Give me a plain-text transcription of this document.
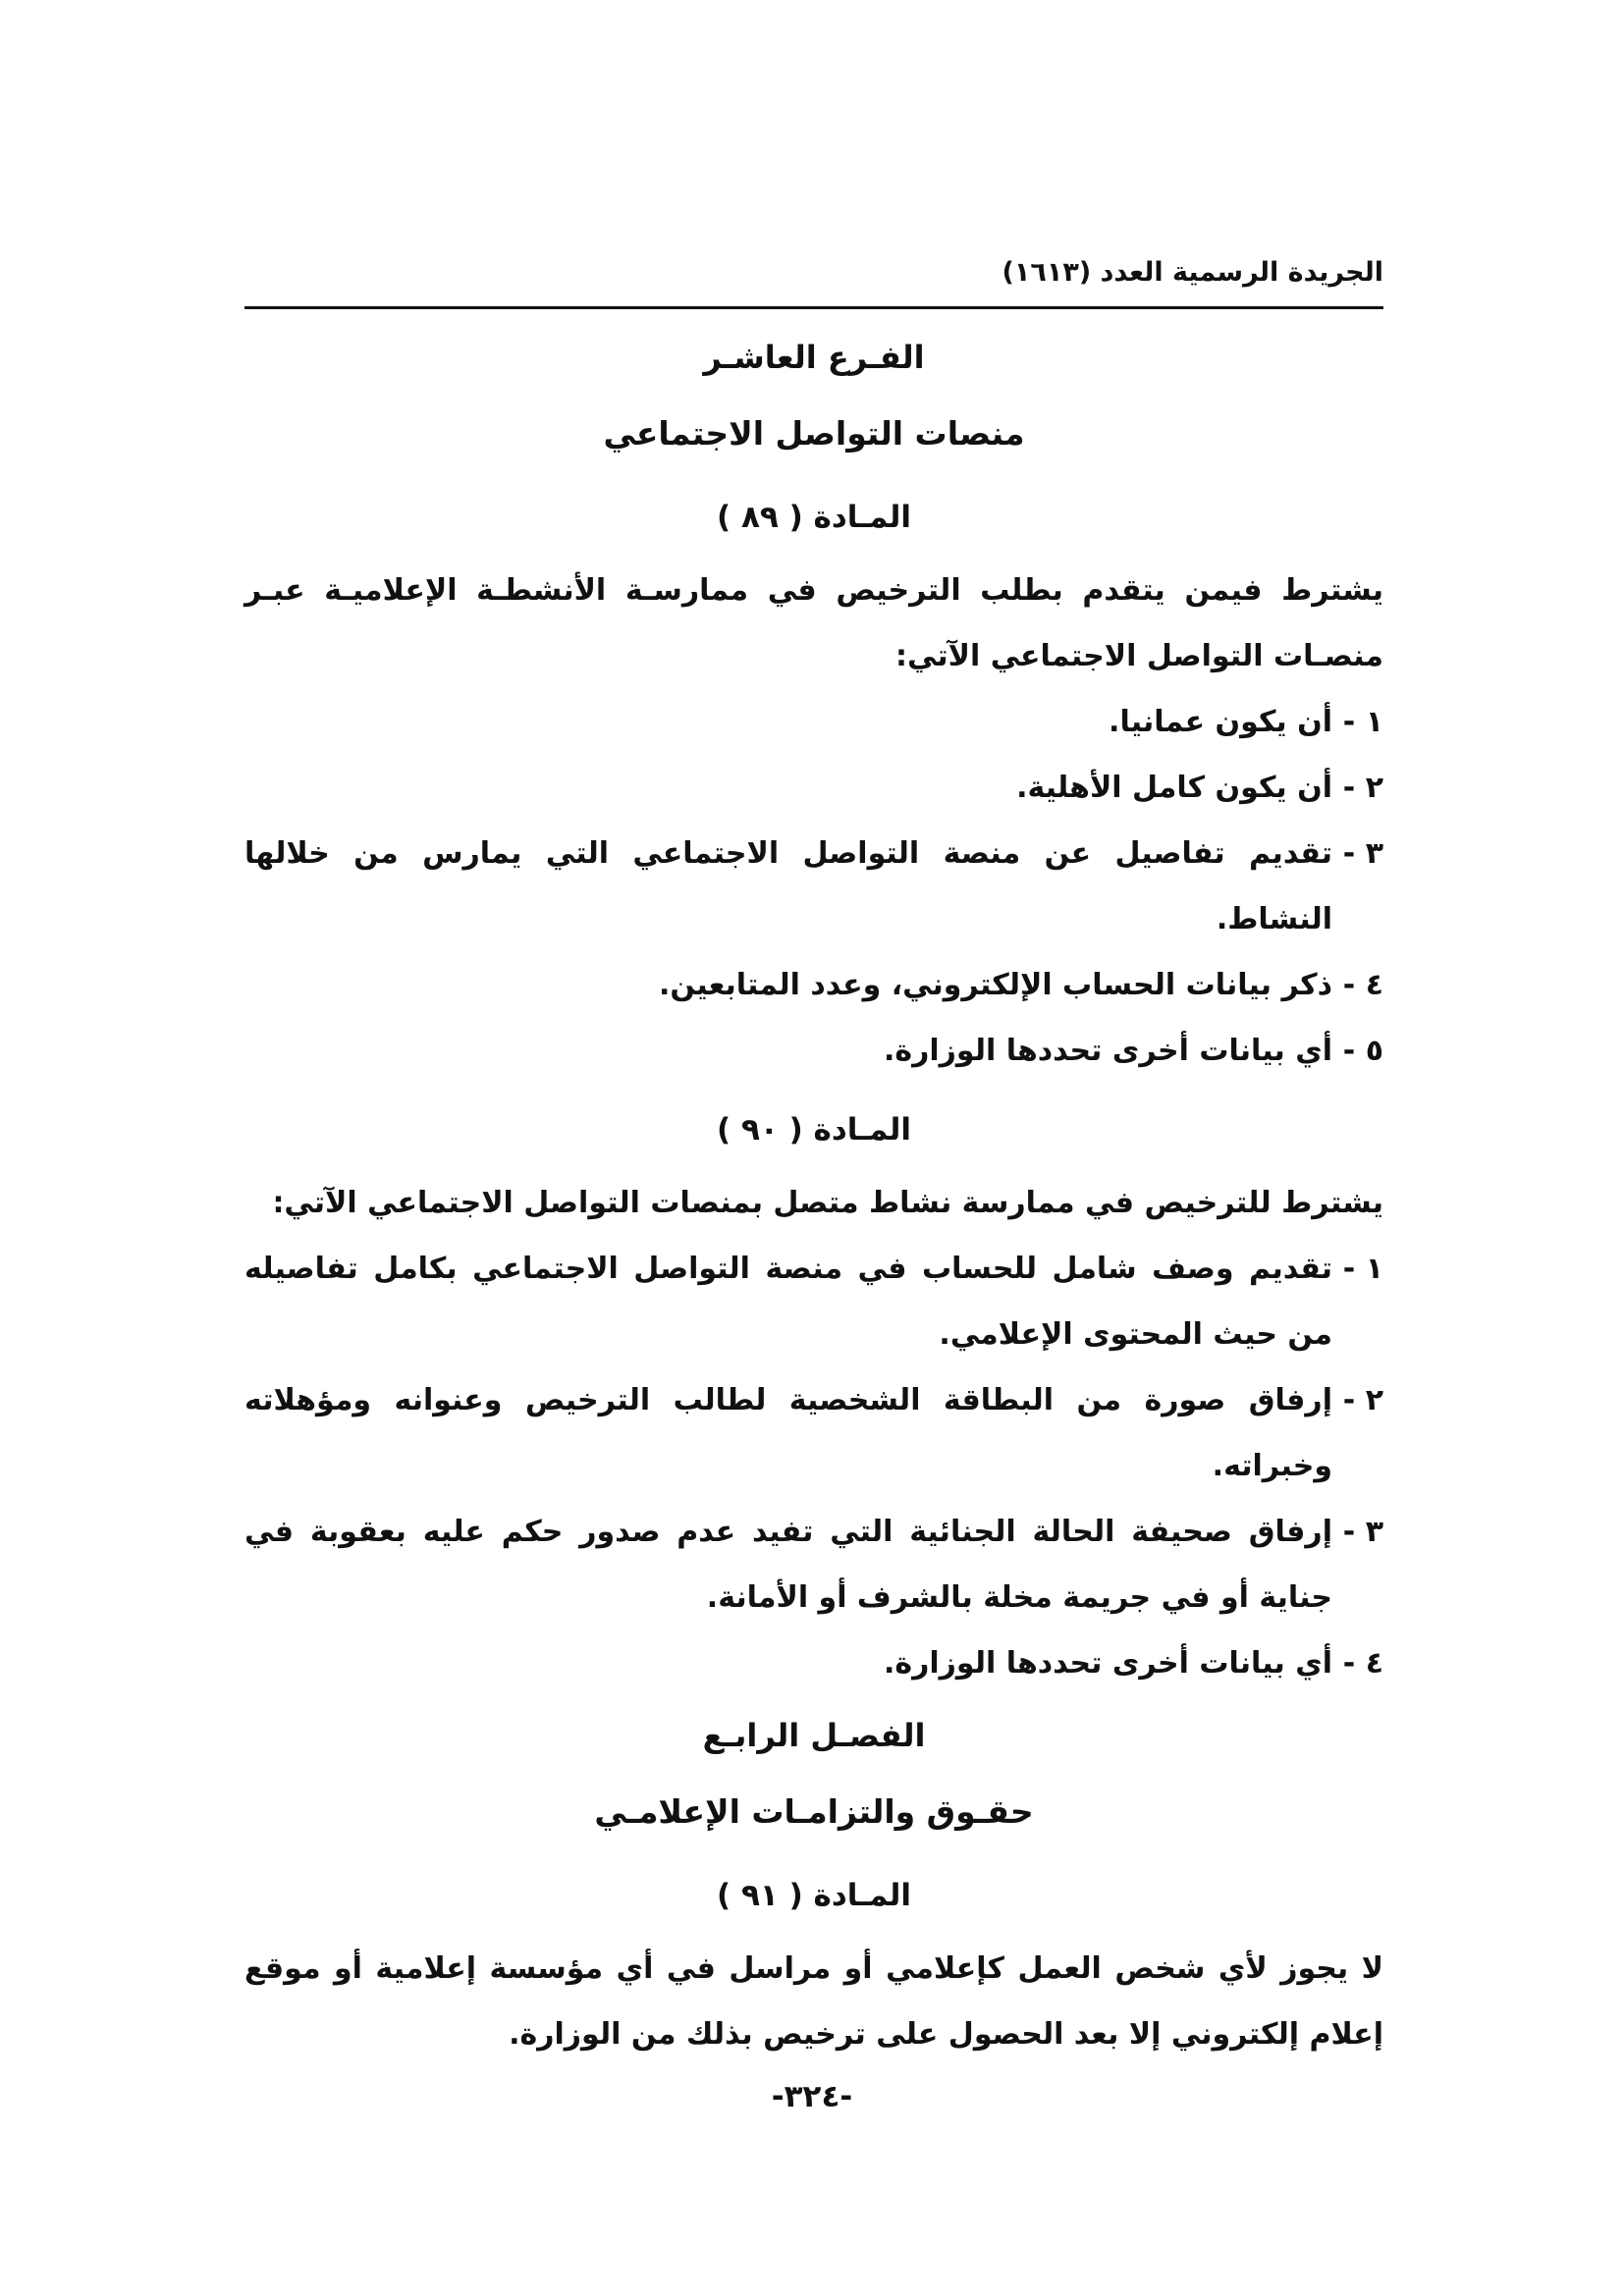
الجريدة الرسمية العدد (١٦١٣)

الفـرع العاشـر

منصات التواصل الاجتماعي

المـادة ( ٨٩ )

يشترط فيمن يتقدم بطلب الترخيص في ممارسـة الأنشطـة الإعلاميـة عبـر منصـات التواصل الاجتماعي الآتي:

١ -
أن يكون عمانيا.
٢ -
أن يكون كامل الأهلية.
٣ -
تقديم تفاصيل عن منصة التواصل الاجتماعي التي يمارس من خلالها النشاط.
٤ -
ذكر بيانات الحساب الإلكتروني، وعدد المتابعين.
٥ -
أي بيانات أخرى تحددها الوزارة.

المـادة ( ٩٠ )

يشترط للترخيص في ممارسة نشاط متصل بمنصات التواصل الاجتماعي الآتي:

١ -
تقديم وصف شامل للحساب في منصة التواصل الاجتماعي بكامل تفاصيله من حيث المحتوى الإعلامي.
٢ -
إرفاق صورة من البطاقة الشخصية لطالب الترخيص وعنوانه ومؤهلاته وخبراته.
٣ -
إرفاق صحيفة الحالة الجنائية التي تفيد عدم صدور حكم عليه بعقوبة في جناية أو في جريمة مخلة بالشرف أو الأمانة.
٤ -
أي بيانات أخرى تحددها الوزارة.

الفصـل الرابـع

حقـوق والتزامـات الإعلامـي

المـادة ( ٩١ )

لا يجوز لأي شخص العمل كإعلامي أو مراسل في أي مؤسسة إعلامية أو موقع إعلام إلكتروني إلا بعد الحصول على ترخيص بذلك من الوزارة.

-٣٢٤-
